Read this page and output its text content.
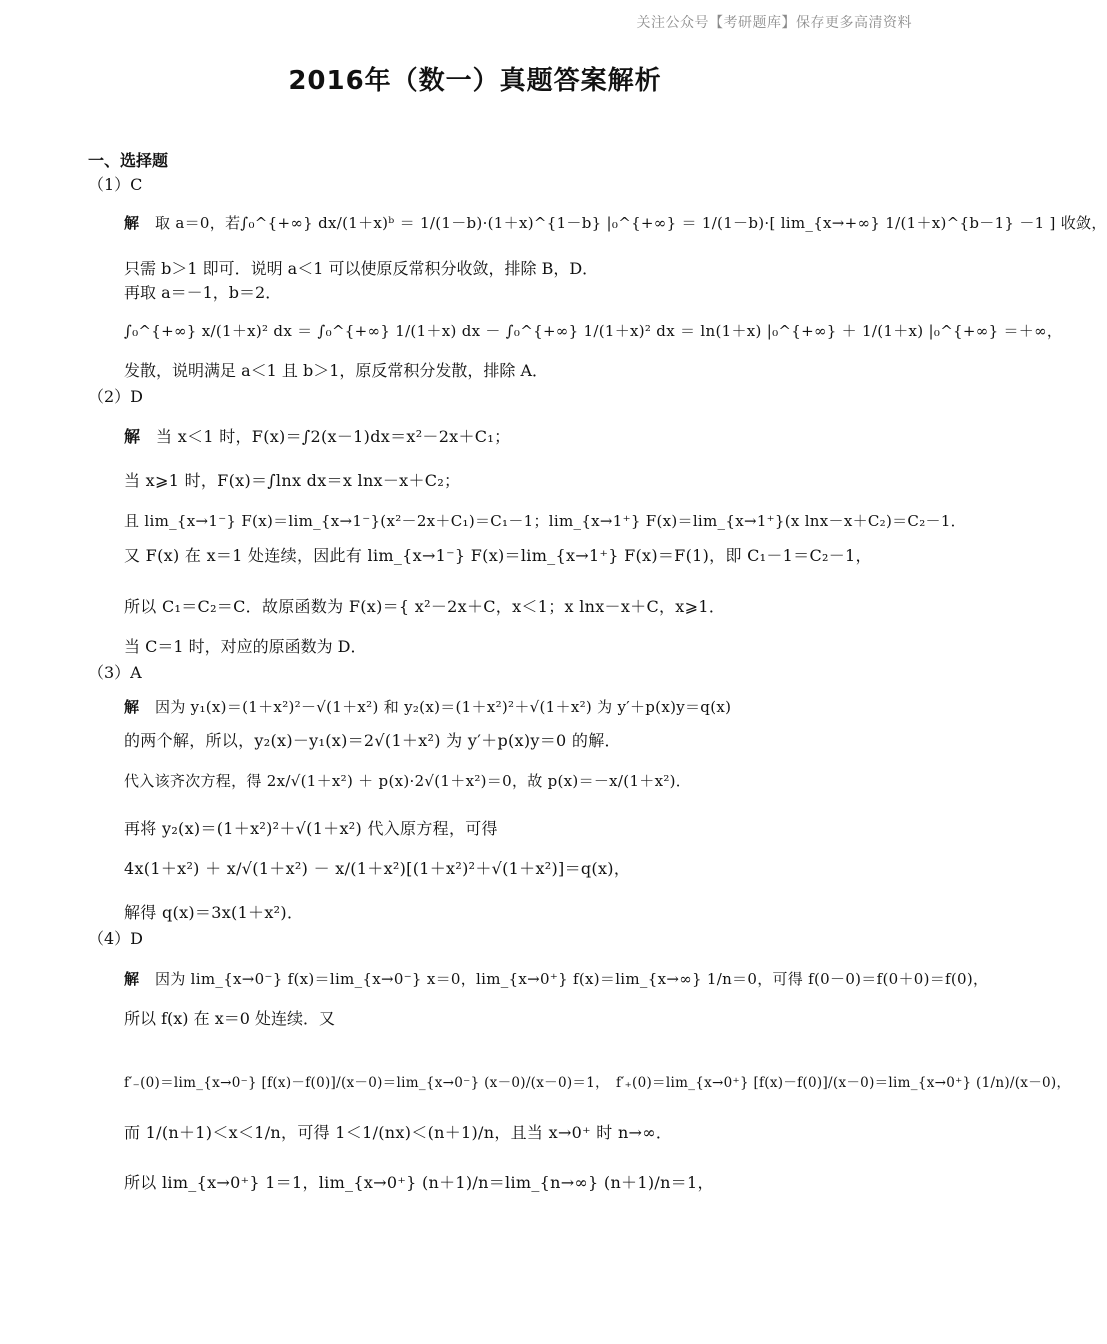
关注公众号【考研题库】保存更多高清资料
2016年（数一）真题答案解析
一、选择题
（1）C
解 取 a＝0，若∫₀^{+∞} dx/(1＋x)ᵇ ＝ 1/(1－b)·(1＋x)^{1－b} |₀^{+∞} ＝ 1/(1－b)·[ lim_{x→+∞} 1/(1＋x)^{b－1} －1 ] 收敛，
只需 b＞1 即可．说明 a＜1 可以使原反常积分收敛，排除 B，D．
再取 a＝－1，b＝2．
∫₀^{+∞} x/(1＋x)² dx ＝ ∫₀^{+∞} 1/(1＋x) dx － ∫₀^{+∞} 1/(1＋x)² dx ＝ ln(1＋x) |₀^{+∞} ＋ 1/(1＋x) |₀^{+∞} ＝＋∞，
发散，说明满足 a＜1 且 b＞1，原反常积分发散，排除 A．
（2）D
解 当 x＜1 时，F(x)＝∫2(x－1)dx＝x²－2x＋C₁；
当 x⩾1 时，F(x)＝∫lnx dx＝x lnx－x＋C₂；
且 lim_{x→1⁻} F(x)＝lim_{x→1⁻}(x²－2x＋C₁)＝C₁－1；lim_{x→1⁺} F(x)＝lim_{x→1⁺}(x lnx－x＋C₂)＝C₂－1．
又 F(x) 在 x＝1 处连续，因此有 lim_{x→1⁻} F(x)＝lim_{x→1⁺} F(x)＝F(1)，即 C₁－1＝C₂－1，
所以 C₁＝C₂＝C．故原函数为 F(x)＝{ x²－2x＋C，x＜1；x lnx－x＋C，x⩾1．
当 C＝1 时，对应的原函数为 D．
（3）A
解 因为 y₁(x)＝(1＋x²)²－√(1＋x²) 和 y₂(x)＝(1＋x²)²＋√(1＋x²) 为 y′＋p(x)y＝q(x)
的两个解，所以，y₂(x)－y₁(x)＝2√(1＋x²) 为 y′＋p(x)y＝0 的解．
代入该齐次方程，得 2x/√(1＋x²) ＋ p(x)·2√(1＋x²)＝0，故 p(x)＝－x/(1＋x²)．
再将 y₂(x)＝(1＋x²)²＋√(1＋x²) 代入原方程，可得
4x(1＋x²) ＋ x/√(1＋x²) － x/(1＋x²)[(1＋x²)²＋√(1＋x²)]＝q(x)，
解得 q(x)＝3x(1＋x²)．
（4）D
解 因为 lim_{x→0⁻} f(x)＝lim_{x→0⁻} x＝0，lim_{x→0⁺} f(x)＝lim_{x→∞} 1/n＝0，可得 f(0－0)＝f(0＋0)＝f(0)，
所以 f(x) 在 x＝0 处连续．又
f′₋(0)＝lim_{x→0⁻} [f(x)－f(0)]/(x－0)＝lim_{x→0⁻} (x－0)/(x－0)＝1，　f′₊(0)＝lim_{x→0⁺} [f(x)－f(0)]/(x－0)＝lim_{x→0⁺} (1/n)/(x－0)，
而 1/(n＋1)＜x＜1/n，可得 1＜1/(nx)＜(n＋1)/n，且当 x→0⁺ 时 n→∞．
所以 lim_{x→0⁺} 1＝1，lim_{x→0⁺} (n＋1)/n＝lim_{n→∞} (n＋1)/n＝1，
